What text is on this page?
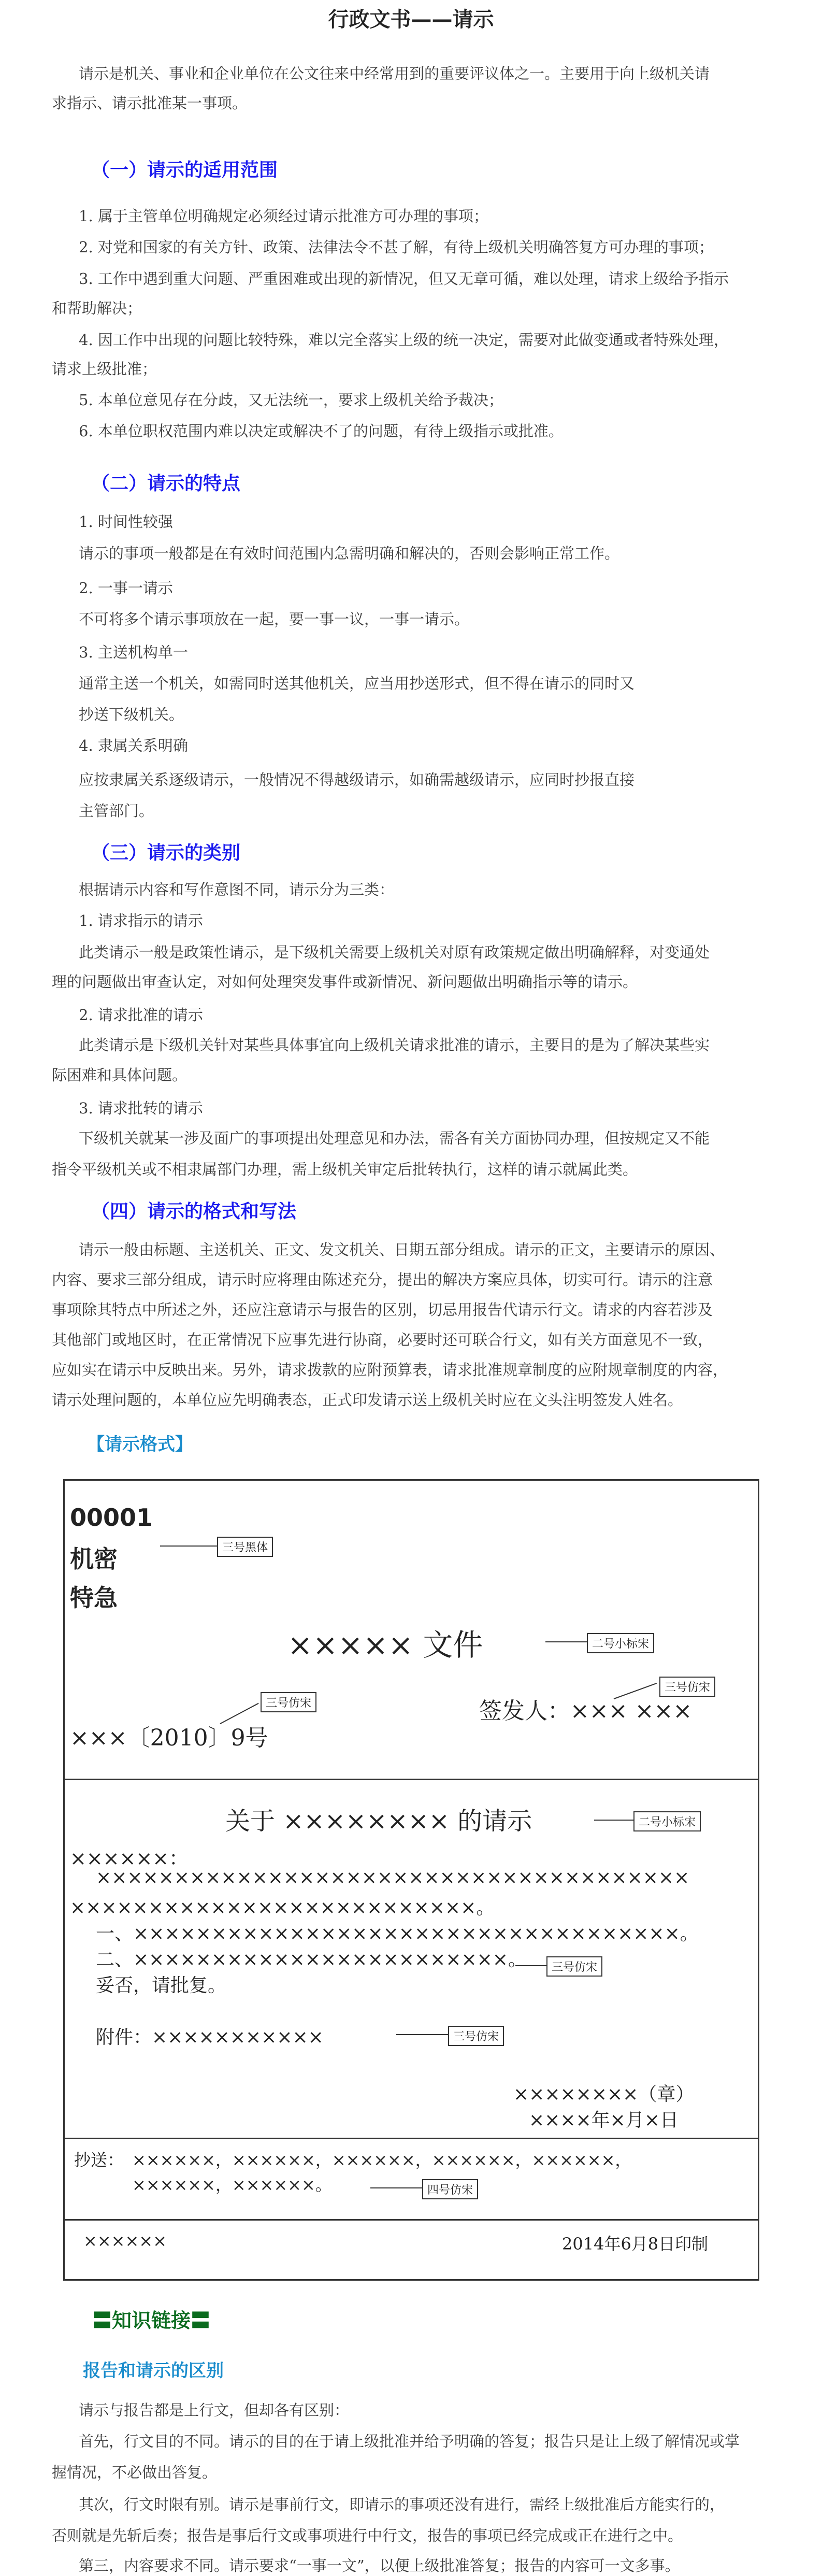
行政文书——请示
请示是机关、事业和企业单位在公文往来中经常用到的重要评议体之一。主要用于向上级机关请
求指示、请示批准某一事项。
（一）请示的适用范围
1. 属于主管单位明确规定必须经过请示批准方可办理的事项；
2. 对党和国家的有关方针、政策、法律法令不甚了解，有待上级机关明确答复方可办理的事项；
3. 工作中遇到重大问题、严重困难或出现的新情况，但又无章可循，难以处理，请求上级给予指示
和帮助解决；
4. 因工作中出现的问题比较特殊，难以完全落实上级的统一决定，需要对此做变通或者特殊处理，
请求上级批准；
5. 本单位意见存在分歧，又无法统一，要求上级机关给予裁决；
6. 本单位职权范围内难以决定或解决不了的问题，有待上级指示或批准。
（二）请示的特点
1. 时间性较强
请示的事项一般都是在有效时间范围内急需明确和解决的，否则会影响正常工作。
2. 一事一请示
不可将多个请示事项放在一起，要一事一议，一事一请示。
3. 主送机构单一
通常主送一个机关，如需同时送其他机关，应当用抄送形式，但不得在请示的同时又
抄送下级机关。
4. 隶属关系明确
应按隶属关系逐级请示，一般情况不得越级请示，如确需越级请示，应同时抄报直接
主管部门。
（三）请示的类别
根据请示内容和写作意图不同，请示分为三类：
1. 请求指示的请示
此类请示一般是政策性请示，是下级机关需要上级机关对原有政策规定做出明确解释，对变通处
理的问题做出审查认定，对如何处理突发事件或新情况、新问题做出明确指示等的请示。
2. 请求批准的请示
此类请示是下级机关针对某些具体事宜向上级机关请求批准的请示，主要目的是为了解决某些实
际困难和具体问题。
3. 请求批转的请示
下级机关就某一涉及面广的事项提出处理意见和办法，需各有关方面协同办理，但按规定又不能
指令平级机关或不相隶属部门办理，需上级机关审定后批转执行，这样的请示就属此类。
（四）请示的格式和写法
请示一般由标题、主送机关、正文、发文机关、日期五部分组成。请示的正文，主要请示的原因、
内容、要求三部分组成，请示时应将理由陈述充分，提出的解决方案应具体，切实可行。请示的注意
事项除其特点中所述之外，还应注意请示与报告的区别，切忌用报告代请示行文。请求的内容若涉及
其他部门或地区时，在正常情况下应事先进行协商，必要时还可联合行文，如有关方面意见不一致，
应如实在请示中反映出来。另外，请求拨款的应附预算表，请求批准规章制度的应附规章制度的内容，
请示处理问题的，本单位应先明确表态，正式印发请示送上级机关时应在文头注明签发人姓名。
【请示格式】
00001
机密
特急
三号黑体
××××× 文件	二号小标宋
三号仿宋
签发人：××× ×××
三号仿宋
×××〔2010〕9号
关于 ×××××××× 的请示	二号小标宋
××××××：
××××××××××××××××××××××××××××××××××××××
××××××××××××××××××××××××××。
一、×××××××××××××××××××××××××××××××××××。
二、××××××××××××××××××××××××。	三号仿宋
妥否，请批复。
附件：×××××××××××	三号仿宋
××××××××（章）
××××年×月×日
抄送： ××××××，××××××，××××××，××××××，××××××，
××××××，××××××。	四号仿宋
××××××	2014年6月8日印制
〓知识链接〓
报告和请示的区别
请示与报告都是上行文，但却各有区别：
首先，行文目的不同。请示的目的在于请上级批准并给予明确的答复；报告只是让上级了解情况或掌
握情况，不必做出答复。
其次，行文时限有别。请示是事前行文，即请示的事项还没有进行，需经上级批准后方能实行的，
否则就是先斩后奏；报告是事后行文或事项进行中行文，报告的事项已经完成或正在进行之中。
第三，内容要求不同。请示要求“一事一文”，以便上级批准答复；报告的内容可一文多事。
